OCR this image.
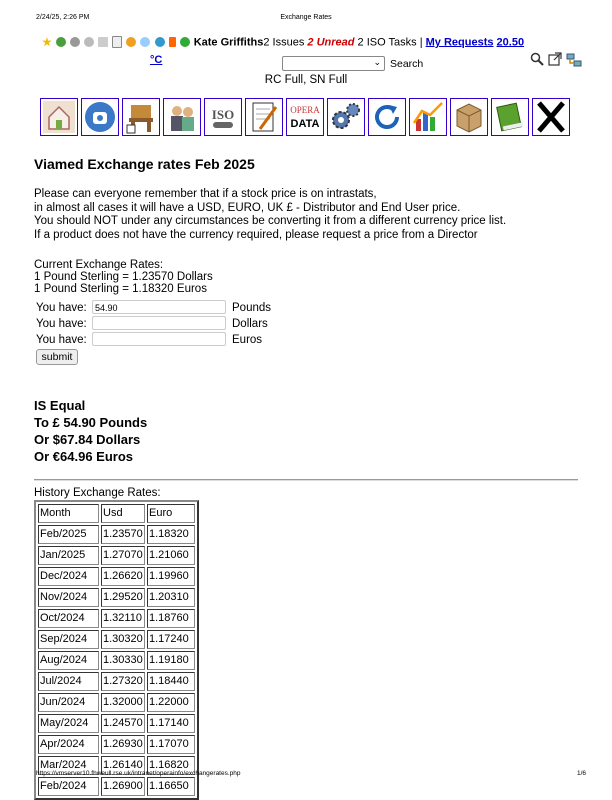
2/24/25, 2:26 PM	Exchange Rates
Kate Griffiths2 Issues 2 Unread 2 ISO Tasks | My Requests 20.50
°C	⌄ Search
RC Full, SN Full
ISO	OPERA
DATA
Viamed Exchange rates Feb 2025
Please can everyone remember that if a stock price is on intrastats,
in almost all cases it will have a USD, EURO, UK £ - Distributor and End User price.
You should NOT under any circumstances be converting it from a different currency price list.
If a product does not have the currency required, please request a price from a Director
Current Exchange Rates:
1 Pound Sterling = 1.23570 Dollars
1 Pound Sterling = 1.18320 Euros
You have: 54.90	Pounds
You have:	Dollars
You have:	Euros
submit
IS Equal
To £ 54.90 Pounds
Or $67.84 Dollars
Or €64.96 Euros
History Exchange Rates:
Month	Usd	Euro
Feb/2025	1.23570	1.18320
Jan/2025	1.27070	1.21060
Dec/2024	1.26620	1.19960
Nov/2024	1.29520	1.20310
Oct/2024	1.32110	1.18760
Sep/2024	1.30320	1.17240
Aug/2024	1.30330	1.19180
Jul/2024	1.27320	1.18440
Jun/2024	1.32000	1.22000
May/2024	1.24570	1.17140
Apr/2024	1.26930	1.17070
Mar/2024	1.26140	1.16820
Feb/2024	1.26900	1.16650
https://vmserver10.fhweull.rse.uk/intranet/operainfo/exchangerates.php	1/6
